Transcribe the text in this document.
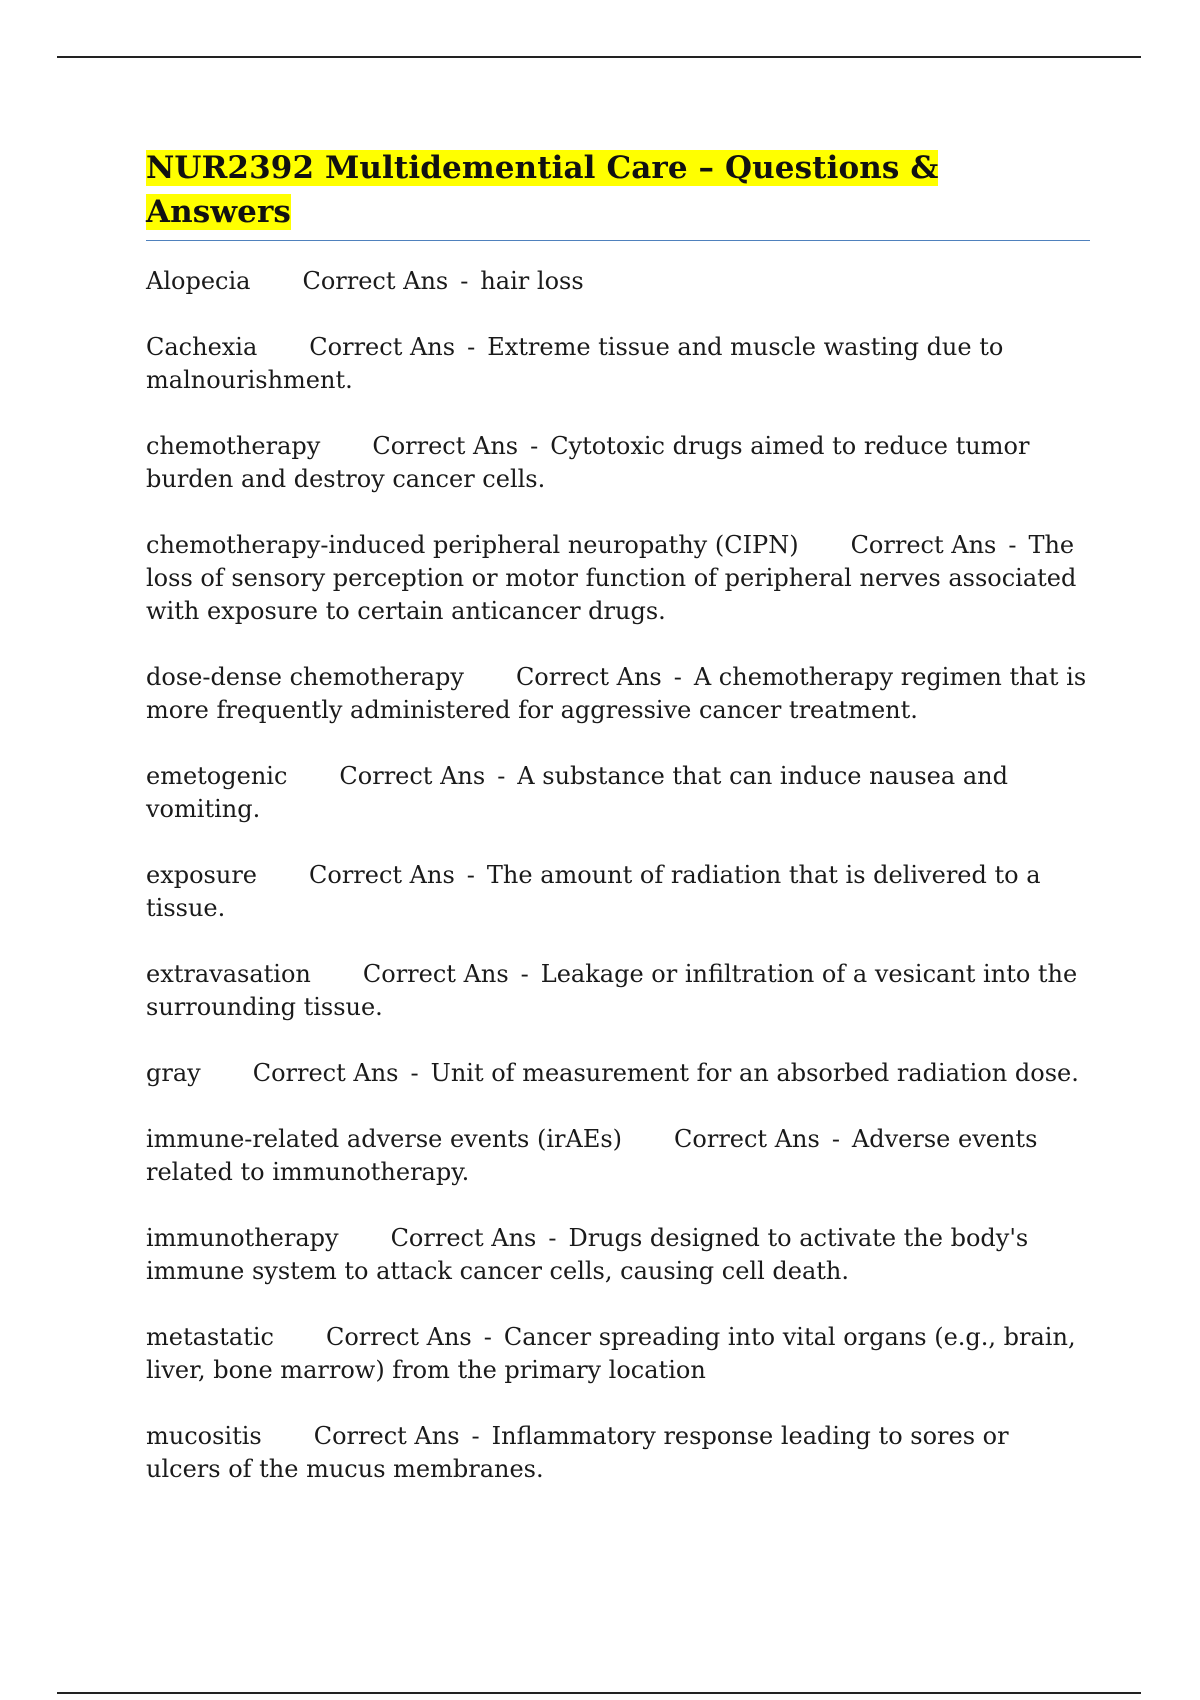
NUR2392 Multidemential Care – Questions & Answers

Alopecia Correct Ans - hair loss

Cachexia Correct Ans - Extreme tissue and muscle wasting due to malnourishment.

chemotherapy Correct Ans - Cytotoxic drugs aimed to reduce tumor burden and destroy cancer cells.

chemotherapy-induced peripheral neuropathy (CIPN) Correct Ans - The loss of sensory perception or motor function of peripheral nerves associated with exposure to certain anticancer drugs.

dose-dense chemotherapy Correct Ans - A chemotherapy regimen that is more frequently administered for aggressive cancer treatment.

emetogenic Correct Ans - A substance that can induce nausea and vomiting.

exposure Correct Ans - The amount of radiation that is delivered to a tissue.

extravasation Correct Ans - Leakage or infiltration of a vesicant into the surrounding tissue.

gray Correct Ans - Unit of measurement for an absorbed radiation dose.

immune-related adverse events (irAEs) Correct Ans - Adverse events related to immunotherapy.

immunotherapy Correct Ans - Drugs designed to activate the body's immune system to attack cancer cells, causing cell death.

metastatic Correct Ans - Cancer spreading into vital organs (e.g., brain, liver, bone marrow) from the primary location

mucositis Correct Ans - Inflammatory response leading to sores or ulcers of the mucus membranes.
